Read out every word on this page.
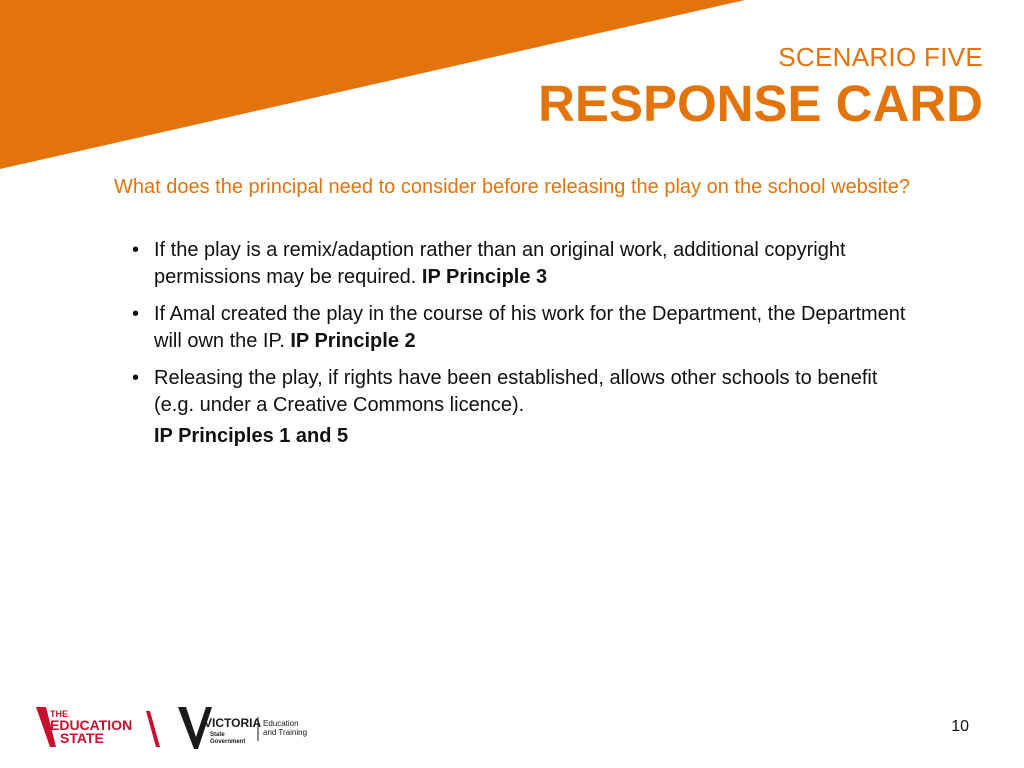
SCENARIO FIVE
RESPONSE CARD
What does the principal need to consider before releasing the play on the school website?
• If the play is a remix/adaption rather than an original work, additional copyright permissions may be required. IP Principle 3
• If Amal created the play in the course of his work for the Department, the Department will own the IP. IP Principle 2
• Releasing the play, if rights have been established, allows other schools to benefit (e.g. under a Creative Commons licence).
IP Principles 1 and 5
THE
EDUCATION
STATE
VICTORIA
State
Government
Education
and Training	10
